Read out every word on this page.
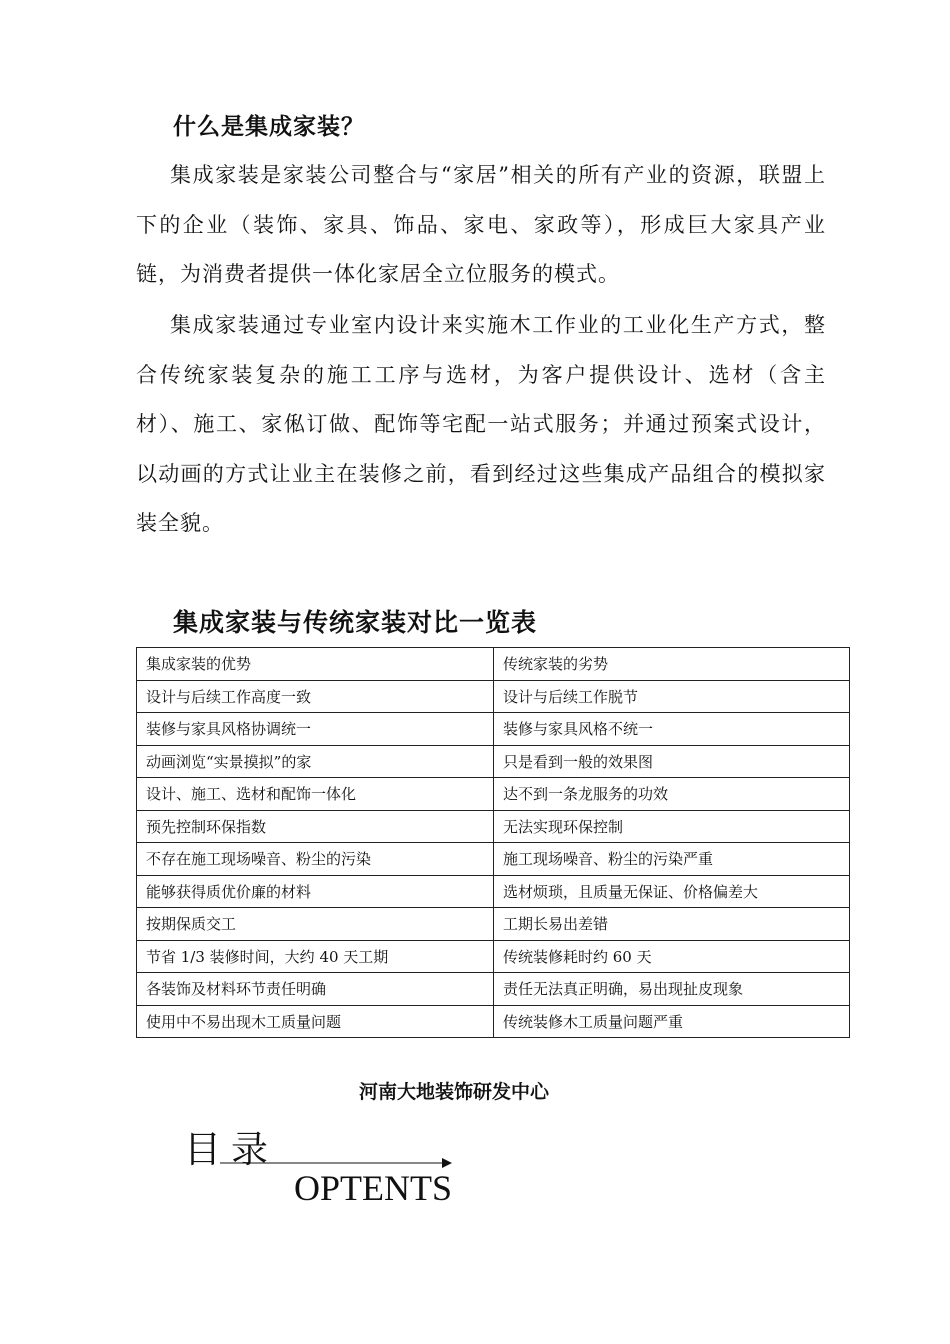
什么是集成家装？
集成家装是家装公司整合与“家居”相关的所有产业的资源，联盟上下的企业（装饰、家具、饰品、家电、家政等），形成巨大家具产业链，为消费者提供一体化家居全立位服务的模式。
集成家装通过专业室内设计来实施木工作业的工业化生产方式，整合传统家装复杂的施工工序与选材，为客户提供设计、选材（含主材）、施工、家俬订做、配饰等宅配一站式服务；并通过预案式设计，以动画的方式让业主在装修之前，看到经过这些集成产品组合的模拟家装全貌。
集成家装与传统家装对比一览表
集成家装的优势	传统家装的劣势
设计与后续工作高度一致	设计与后续工作脱节
装修与家具风格协调统一	装修与家具风格不统一
动画浏览“实景摸拟”的家	只是看到一般的效果图
设计、施工、选材和配饰一体化	达不到一条龙服务的功效
预先控制环保指数	无法实现环保控制
不存在施工现场噪音、粉尘的污染	施工现场噪音、粉尘的污染严重
能够获得质优价廉的材料	选材烦琐，且质量无保证、价格偏差大
按期保质交工	工期长易出差错
节省 1/3 装修时间，大约 40 天工期	传统装修耗时约 60 天
各装饰及材料环节责任明确	责任无法真正明确，易出现扯皮现象
使用中不易出现木工质量问题	传统装修木工质量问题严重
河南大地装饰研发中心
目录
OPTENTS
